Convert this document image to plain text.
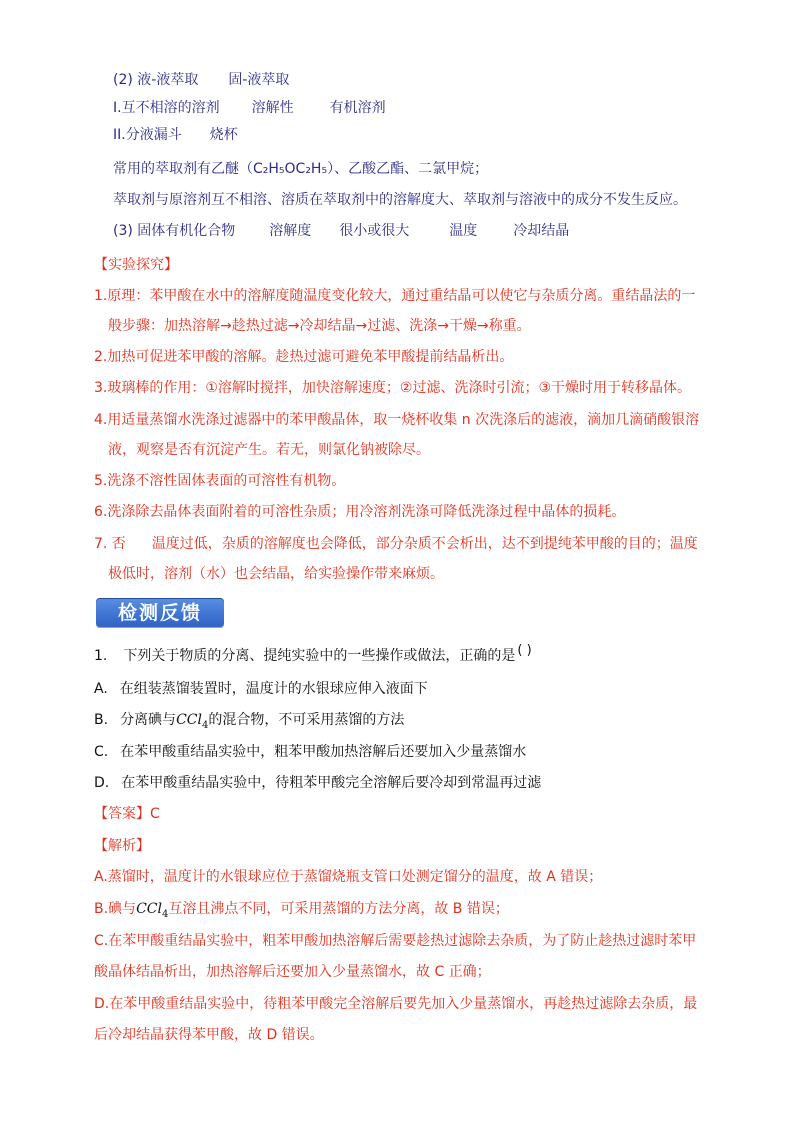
(2) 液-液萃取 固-液萃取
I.互不相溶的溶剂 溶解性	有机溶剂
II.分液漏斗 烧杯
常用的萃取剂有乙醚（C₂H₅OC₂H₅）、乙酸乙酯、二氯甲烷；
萃取剂与原溶剂互不相溶、溶质在萃取剂中的溶解度大、萃取剂与溶液中的成分不发生反应。
(3) 固体有机化合物 溶解度 很小或很大	温度	冷却结晶
【实验探究】
1.原理：苯甲酸在水中的溶解度随温度变化较大，通过重结晶可以使它与杂质分离。重结晶法的一
般步骤：加热溶解→趁热过滤→冷却结晶→过滤、洗涤→干燥→称重。
2.加热可促进苯甲酸的溶解。趁热过滤可避免苯甲酸提前结晶析出。
3.玻璃棒的作用：①溶解时搅拌，加快溶解速度；②过滤、洗涤时引流；③干燥时用于转移晶体。
4.用适量蒸馏水洗涤过滤器中的苯甲酸晶体，取一烧杯收集 n 次洗涤后的滤液，滴加几滴硝酸银溶
液，观察是否有沉淀产生。若无，则氯化钠被除尽。
5.洗涤不溶性固体表面的可溶性有机物。
6.洗涤除去晶体表面附着的可溶性杂质；用冷溶剂洗涤可降低洗涤过程中晶体的损耗。
7. 否 温度过低，杂质的溶解度也会降低，部分杂质不会析出，达不到提纯苯甲酸的目的；温度
极低时，溶剂（水）也会结晶，给实验操作带来麻烦。
检测反馈
1. 下列关于物质的分离、提纯实验中的一些操作或做法，正确的是 ( )
A. 在组装蒸馏装置时，温度计的水银球应伸入液面下
B. 分离碘与CCl$_4$的混合物，不可采用蒸馏的方法
C. 在苯甲酸重结晶实验中，粗苯甲酸加热溶解后还要加入少量蒸馏水
D. 在苯甲酸重结晶实验中，待粗苯甲酸完全溶解后要冷却到常温再过滤
【答案】C
【解析】
A.蒸馏时，温度计的水银球应位于蒸馏烧瓶支管口处测定馏分的温度，故 A 错误；
B.碘与CCl$_4$互溶且沸点不同，可采用蒸馏的方法分离，故 B 错误；
C.在苯甲酸重结晶实验中，粗苯甲酸加热溶解后需要趁热过滤除去杂质，为了防止趁热过滤时苯甲
酸晶体结晶析出，加热溶解后还要加入少量蒸馏水，故 C 正确；
D.在苯甲酸重结晶实验中，待粗苯甲酸完全溶解后要先加入少量蒸馏水，再趁热过滤除去杂质，最
后冷却结晶获得苯甲酸，故 D 错误。
